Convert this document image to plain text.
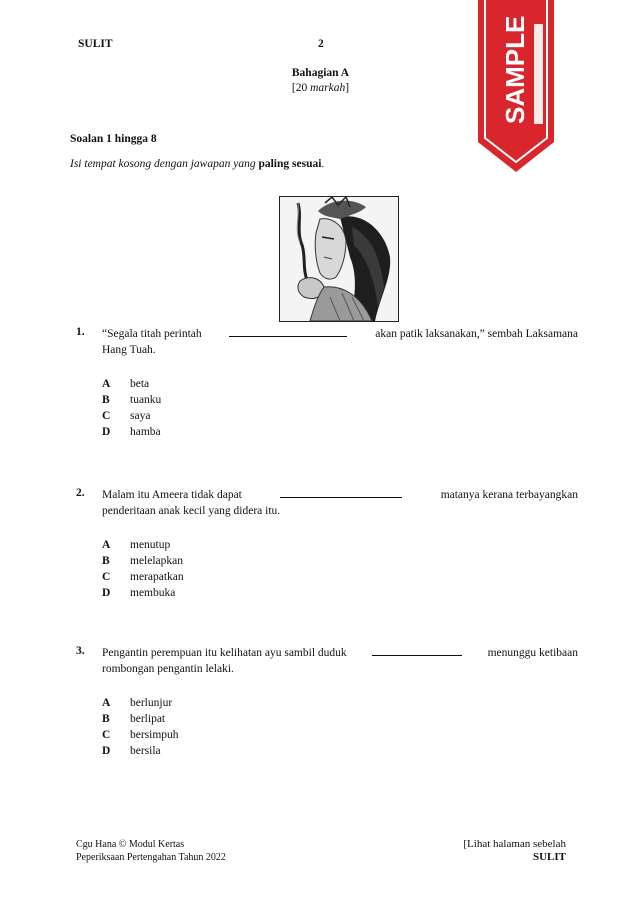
SULIT	2	SAMPLE
Bahagian A
[20 markah]
Soalan 1 hingga 8
Isi tempat kosong dengan jawapan yang paling sesuai.
1.	“Segala titah perintah	akan patik laksanakan,” sembah Laksamana
Hang Tuah.
A beta
B tuanku
C saya
D hamba
2.	Malam itu Ameera tidak dapat	matanya kerana terbayangkan
penderitaan anak kecil yang didera itu.
A menutup
B melelapkan
C merapatkan
D membuka
3.	Pengantin perempuan itu kelihatan ayu sambil duduk	menunggu ketibaan
rombongan pengantin lelaki.
A berlunjur
B berlipat
C bersimpuh
D bersila
Cgu Hana © Modul Kertas
Peperiksaan Pertengahan Tahun 2022
[Lihat halaman sebelah
SULIT
